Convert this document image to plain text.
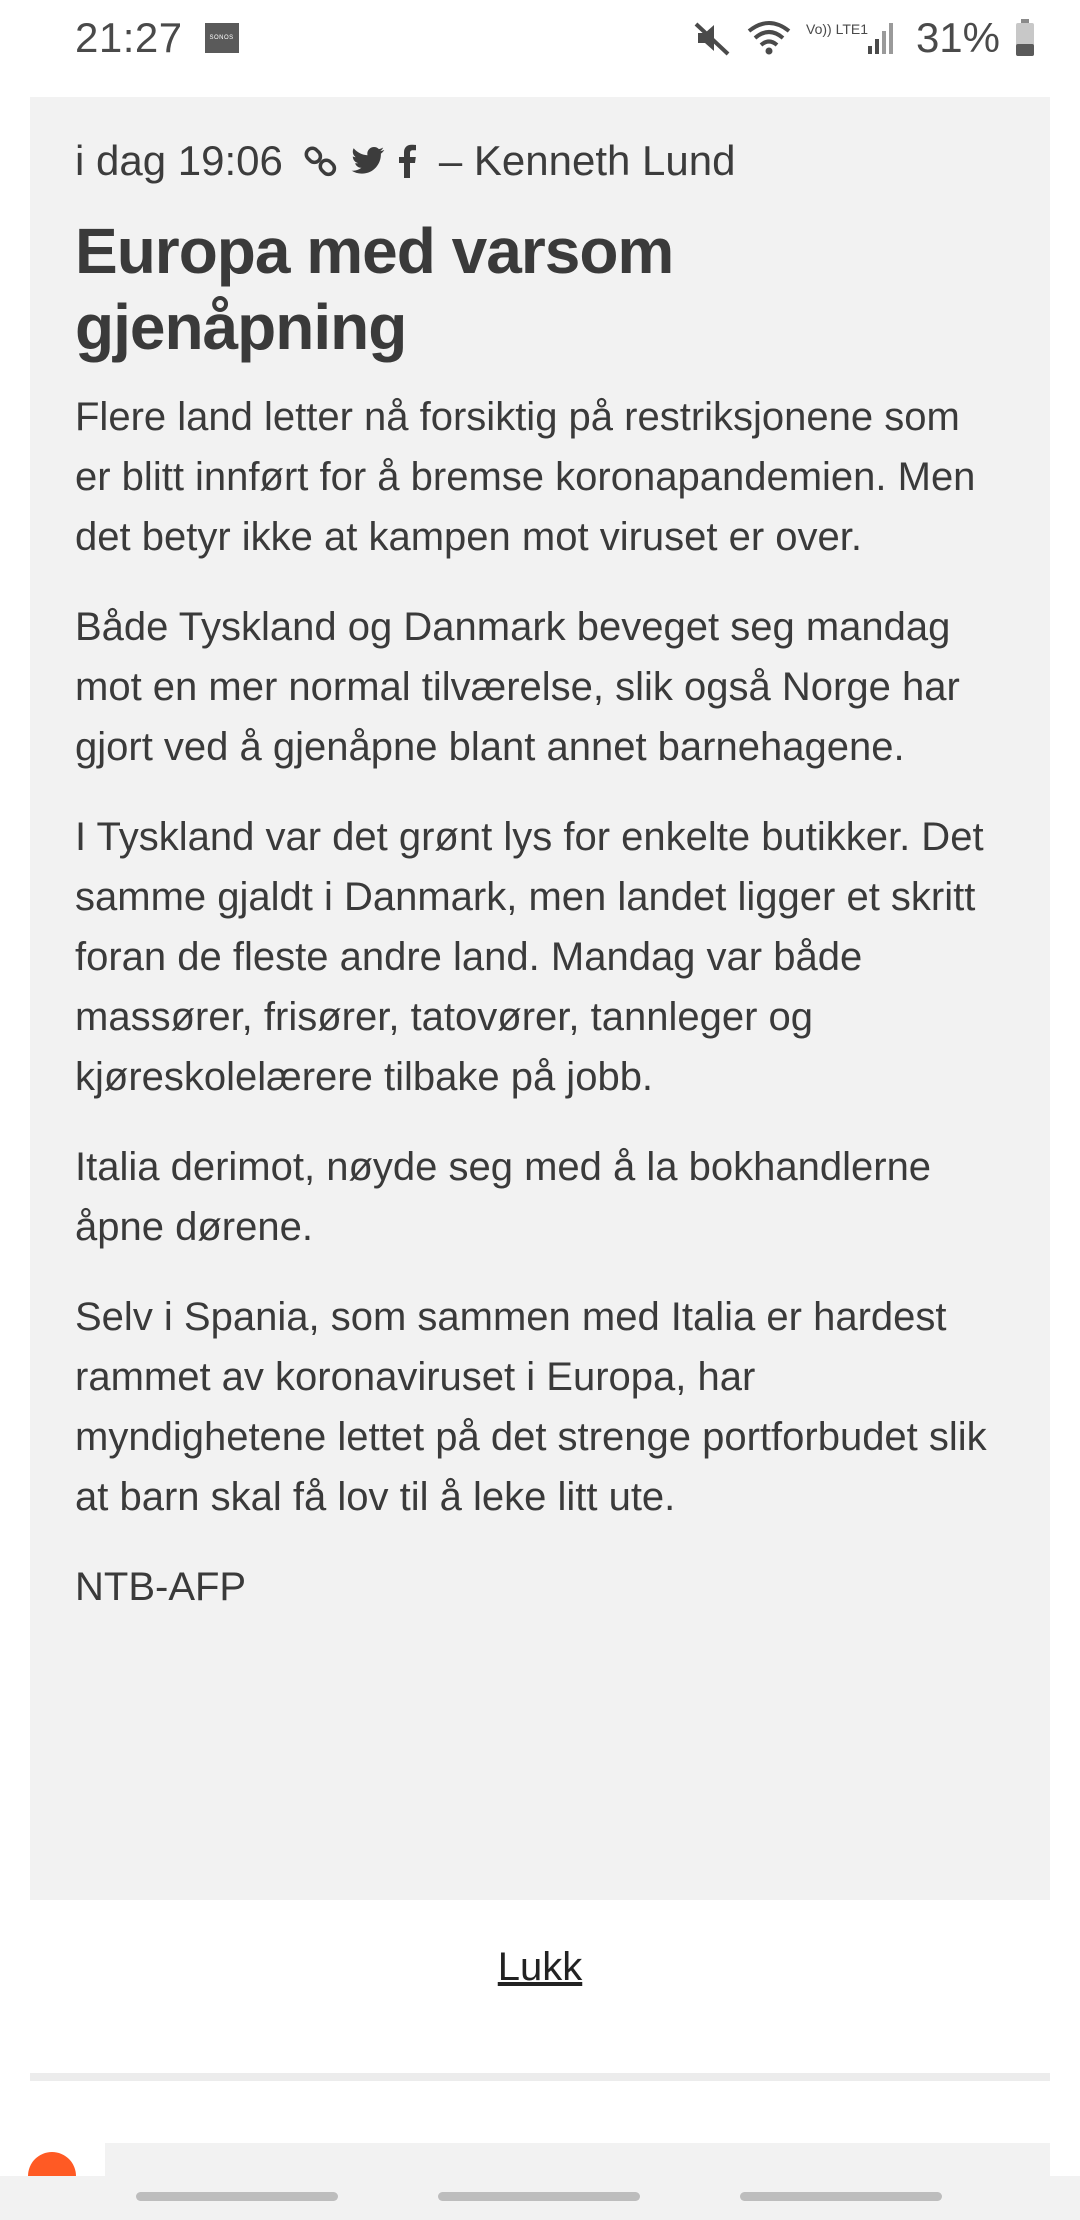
21:27	SONOS
Vo)) LTE1 31%
i dag 19:06	– Kenneth Lund
Europa med varsom gjenåpning

Flere land letter nå forsiktig på restriksjonene som er blitt innført for å bremse koronapandemien. Men det betyr ikke at kampen mot viruset er over.

Både Tyskland og Danmark beveget seg mandag mot en mer normal tilværelse, slik også Norge har gjort ved å gjenåpne blant annet barnehagene.

I Tyskland var det grønt lys for enkelte butikker. Det samme gjaldt i Danmark, men landet ligger et skritt foran de fleste andre land. Mandag var både massører, frisører, tatovører, tannleger og kjøreskolelærere tilbake på jobb.

Italia derimot, nøyde seg med å la bokhandlerne åpne dørene.

Selv i Spania, som sammen med Italia er hardest rammet av koronaviruset i Europa, har myndighetene lettet på det strenge portforbudet slik at barn skal få lov til å leke litt ute.

NTB-AFP
Lukk
